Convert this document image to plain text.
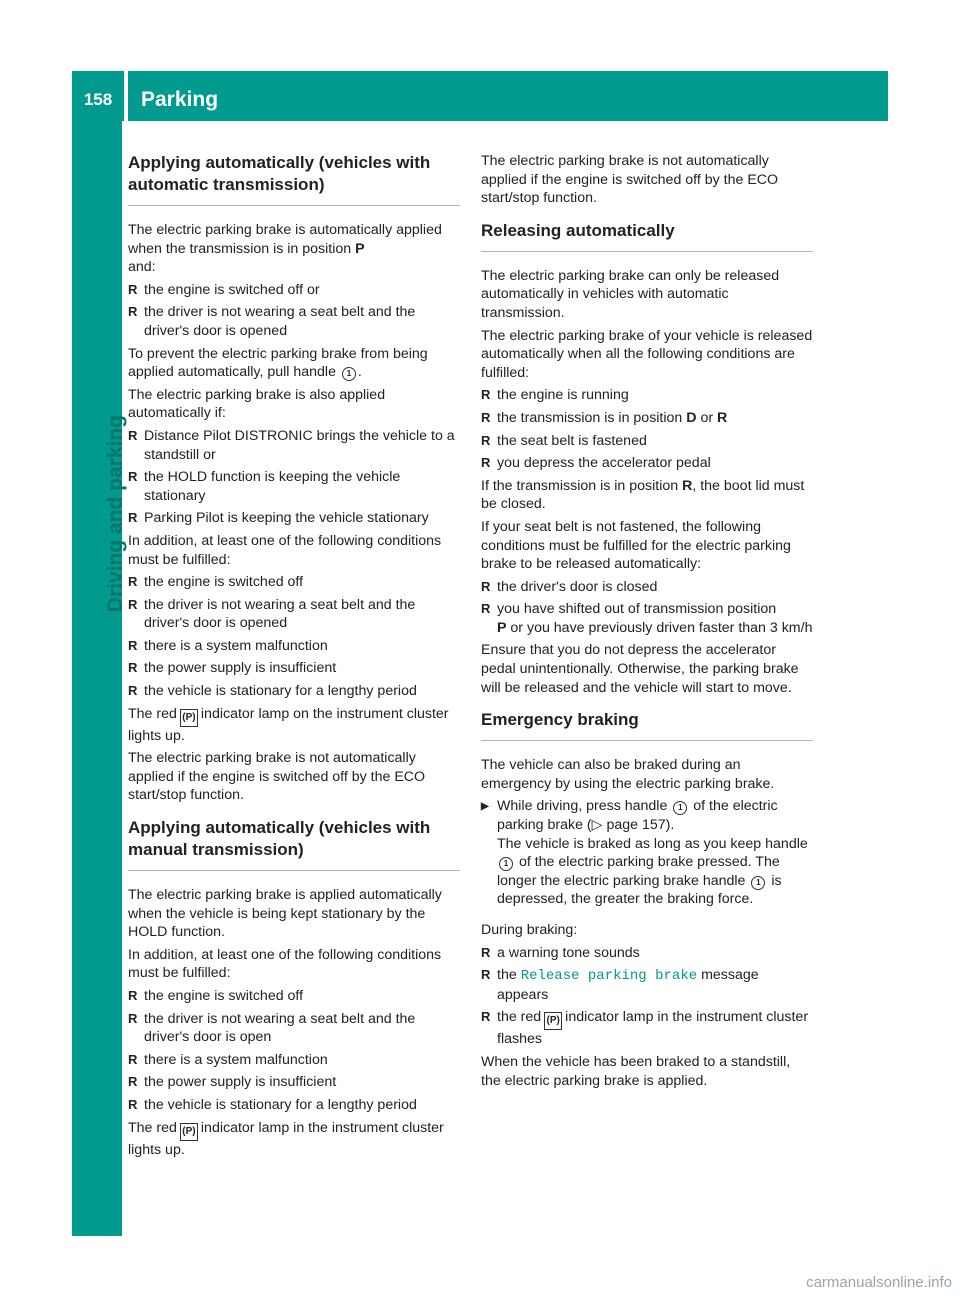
158	Parking
Driving and parking
Applying automatically (vehicles with automatic transmission)

The electric parking brake is automatically applied when the transmission is in position P
and:

R the engine is switched off or
R the driver is not wearing a seat belt and the driver's door is opened

To prevent the electric parking brake from being applied automatically, pull handle 1 .

The electric parking brake is also applied automatically if:

R Distance Pilot DISTRONIC brings the vehicle to a standstill or
R the HOLD function is keeping the vehicle stationary
R Parking Pilot is keeping the vehicle stationary

In addition, at least one of the following conditions must be fulfilled:

R the engine is switched off
R the driver is not wearing a seat belt and the driver's door is opened
R there is a system malfunction
R the power supply is insufficient
R the vehicle is stationary for a lengthy period

The red (P) indicator lamp on the instrument cluster lights up.

The electric parking brake is not automatically applied if the engine is switched off by the ECO start/stop function.

Applying automatically (vehicles with manual transmission)

The electric parking brake is applied automatically when the vehicle is being kept stationary by the HOLD function.

In addition, at least one of the following conditions must be fulfilled:

R the engine is switched off
R the driver is not wearing a seat belt and the driver's door is open
R there is a system malfunction
R the power supply is insufficient
R the vehicle is stationary for a lengthy period

The red (P) indicator lamp in the instrument cluster lights up.

The electric parking brake is not automatically applied if the engine is switched off by the ECO start/stop function.

Releasing automatically

The electric parking brake can only be released automatically in vehicles with automatic transmission.

The electric parking brake of your vehicle is released automatically when all the following conditions are fulfilled:

R the engine is running
R the transmission is in position D or R
R the seat belt is fastened
R you depress the accelerator pedal

If the transmission is in position R, the boot lid must be closed.

If your seat belt is not fastened, the following conditions must be fulfilled for the electric parking brake to be released automatically:

R the driver's door is closed
R you have shifted out of transmission position
P or you have previously driven faster than 3 km/h

Ensure that you do not depress the accelerator pedal unintentionally. Otherwise, the parking brake will be released and the vehicle will start to move.

Emergency braking

The vehicle can also be braked during an emergency by using the electric parking brake.

▶ While driving, press handle 1 of the electric parking brake (▷ page 157).
The vehicle is braked as long as you keep handle 1 of the electric parking brake pressed. The longer the electric parking brake handle 1 is depressed, the greater the braking force.

During braking:

R a warning tone sounds
R the Release parking brake message appears
R the red (P) indicator lamp in the instrument cluster flashes

When the vehicle has been braked to a standstill, the electric parking brake is applied.

carmanualsonline.info
